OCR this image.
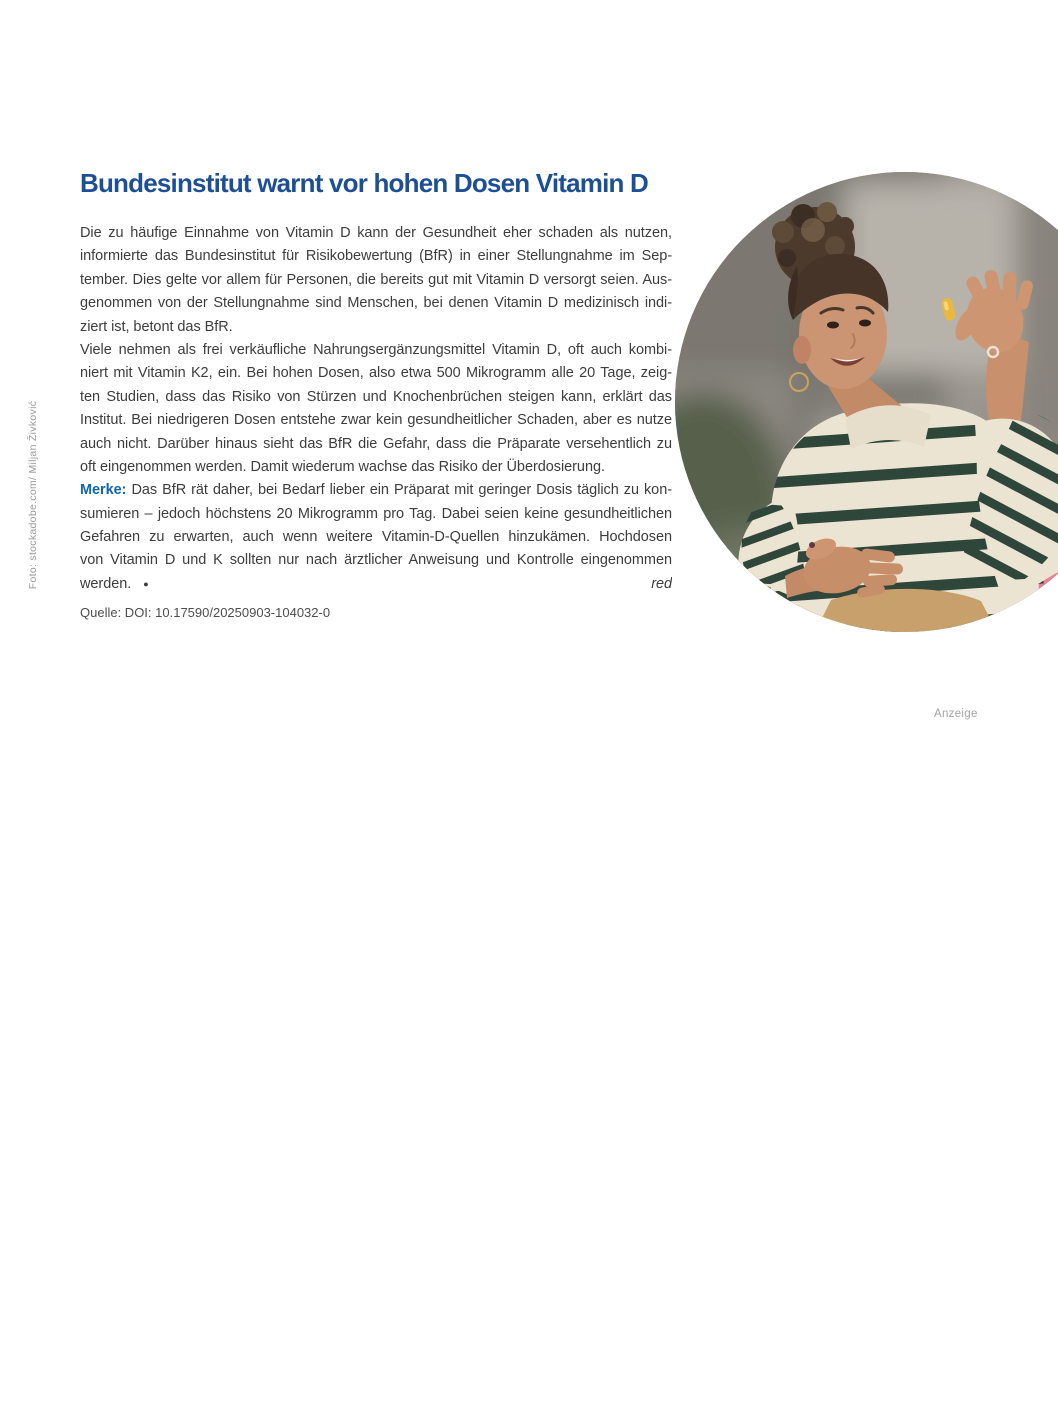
Foto: stockadobe.com/ Miljan Živković
Bundesinstitut warnt vor hohen Dosen Vitamin D
Die zu häufige Einnahme von Vitamin D kann der Gesundheit eher schaden als nutzen,
informierte das Bundesinstitut für Risikobewertung (BfR) in einer Stellungnahme im Sep-
tember. Dies gelte vor allem für Personen, die bereits gut mit Vitamin D versorgt seien. Aus-
genommen von der Stellungnahme sind Menschen, bei denen Vitamin D medizinisch indi-
ziert ist, betont das BfR.
Viele nehmen als frei verkäufliche Nahrungsergänzungsmittel Vitamin D, oft auch kombi-
niert mit Vitamin K2, ein. Bei hohen Dosen, also etwa 500 Mikrogramm alle 20 Tage, zeig-
ten Studien, dass das Risiko von Stürzen und Knochenbrüchen steigen kann, erklärt das
Institut. Bei niedrigeren Dosen entstehe zwar kein gesundheitlicher Schaden, aber es nutze
auch nicht. Darüber hinaus sieht das BfR die Gefahr, dass die Präparate versehentlich zu
oft eingenommen werden. Damit wiederum wachse das Risiko der Überdosierung.
Merke: Das BfR rät daher, bei Bedarf lieber ein Präparat mit geringer Dosis täglich zu kon-
sumieren – jedoch höchstens 20 Mikrogramm pro Tag. Dabei seien keine gesundheitlichen
Gefahren zu erwarten, auch wenn weitere Vitamin-D-Quellen hinzukämen. Hochdosen
von Vitamin D und K sollten nur nach ärztlicher Anweisung und Kontrolle eingenommen
werden. ●	red
Quelle: DOI: 10.17590/20250903-104032-0
Anzeige
